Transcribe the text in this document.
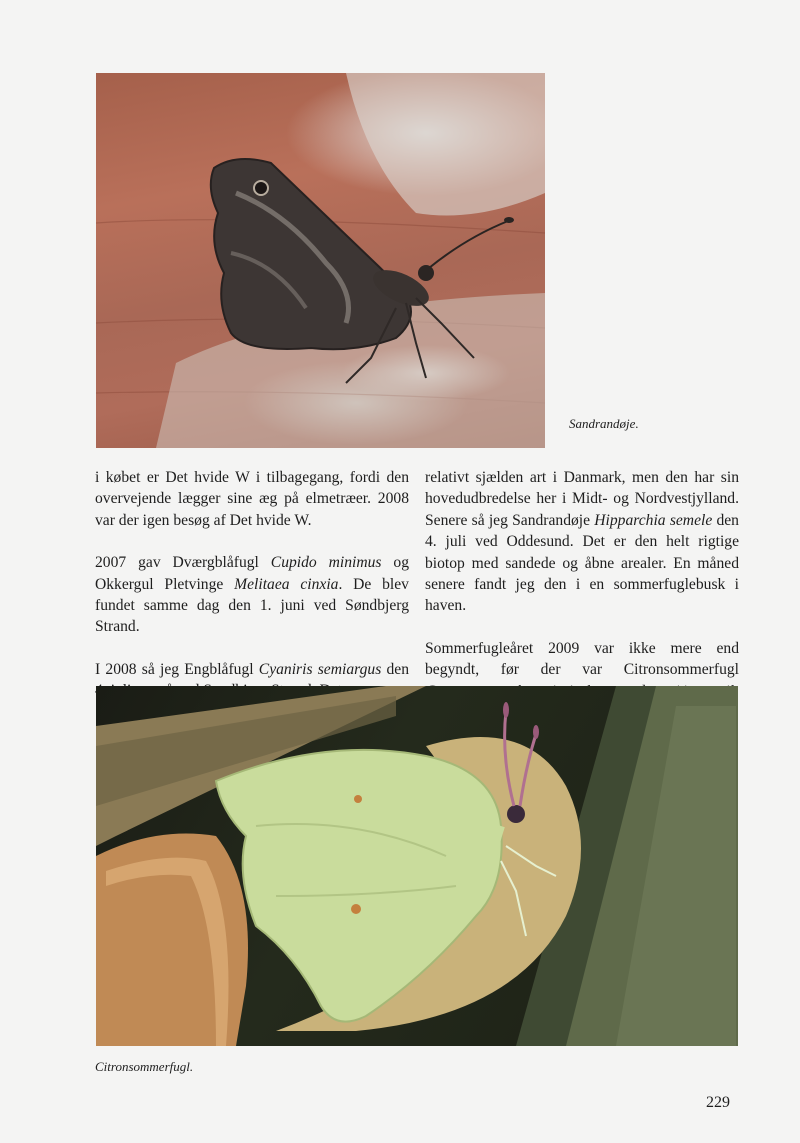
Sandrandøje.

i købet er Det hvide W i tilbagegang, fordi den overvejende lægger sine æg på elmetræer. 2008 var der igen besøg af Det hvide W.

2007 gav Dværgblåfugl Cupido minimus og Okkergul Pletvinge Melitaea cinxia. De blev fundet samme dag den 1. juni ved Søndbjerg Strand.

I 2008 så jeg Engblåfugl Cyaniris semiargus den

relativt sjælden art i Danmark, men den har sin hovedudbredelse her i Midt- og Nordvestjylland. Senere så jeg Sandrandøje Hipparchia semele den 4. juli ved Oddesund. Det er den helt rigtige biotop med sandede og åbne arealer. En måned senere fandt jeg den i en sommerfuglebusk i haven.

Sommerfugleåret 2009 var ikke mere end begyndt, før der var Citronsommerfugl

Citronsommerfugl.
229
